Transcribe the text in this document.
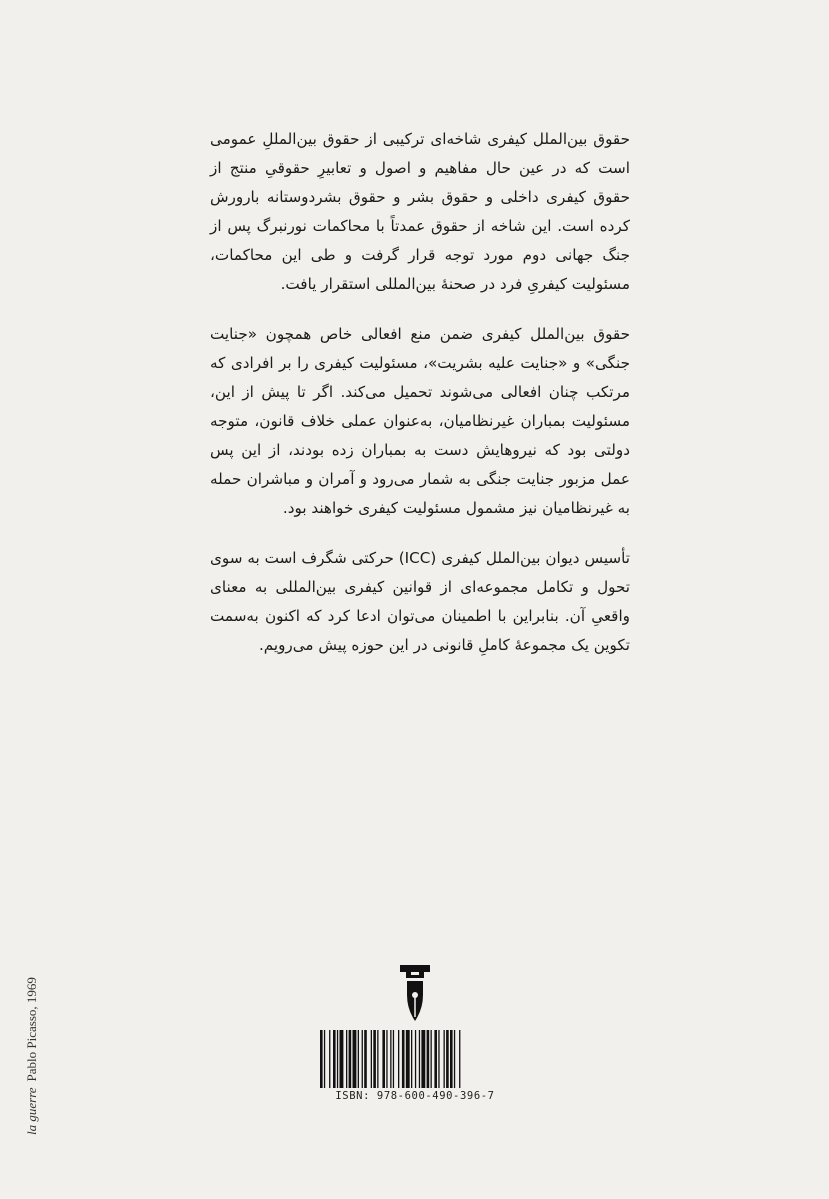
حقوق بین‌الملل کیفری شاخه‌ای ترکیبی از حقوق بین‌المللِ عمومی است که در عین حال مفاهیم و اصول و تعابیرِ حقوقیِ منتج از حقوق کیفری داخلی و حقوق بشر و حقوق بشردوستانه بارورش کرده است. این شاخه از حقوق عمدتاً با محاکمات نورنبرگ پس از جنگ جهانی دوم مورد توجه قرار گرفت و طی این محاکمات، مسئولیت کیفریِ فرد در صحنهٔ بین‌المللی استقرار یافت.

حقوق بین‌الملل کیفری ضمن منع افعالی خاص همچون «جنایت جنگی» و «جنایت علیه بشریت»، مسئولیت کیفری را بر افرادی که مرتکب چنان افعالی می‌شوند تحمیل می‌کند. اگر تا پیش از این، مسئولیت بمباران غیرنظامیان، به‌عنوان عملی خلاف قانون، متوجه دولتی بود که نیروهایش دست به بمباران زده بودند، از این پس عمل مزبور جنایت جنگی به شمار می‌رود و آمران و مباشران حمله به غیرنظامیان نیز مشمول مسئولیت کیفری خواهند بود.

تأسیس دیوان بین‌الملل کیفری (ICC) حرکتی شگرف است به سوی تحول و تکامل مجموعه‌ای از قوانین کیفری بین‌المللی به معنای واقعیِ آن. بنابراین با اطمینان می‌توان ادعا کرد که اکنون به‌سمت تکوین یک مجموعهٔ کاملِ قانونی در این حوزه پیش می‌رویم.

la guerrePablo Picasso, 1969
ISBN: 978-600-490-396-7
